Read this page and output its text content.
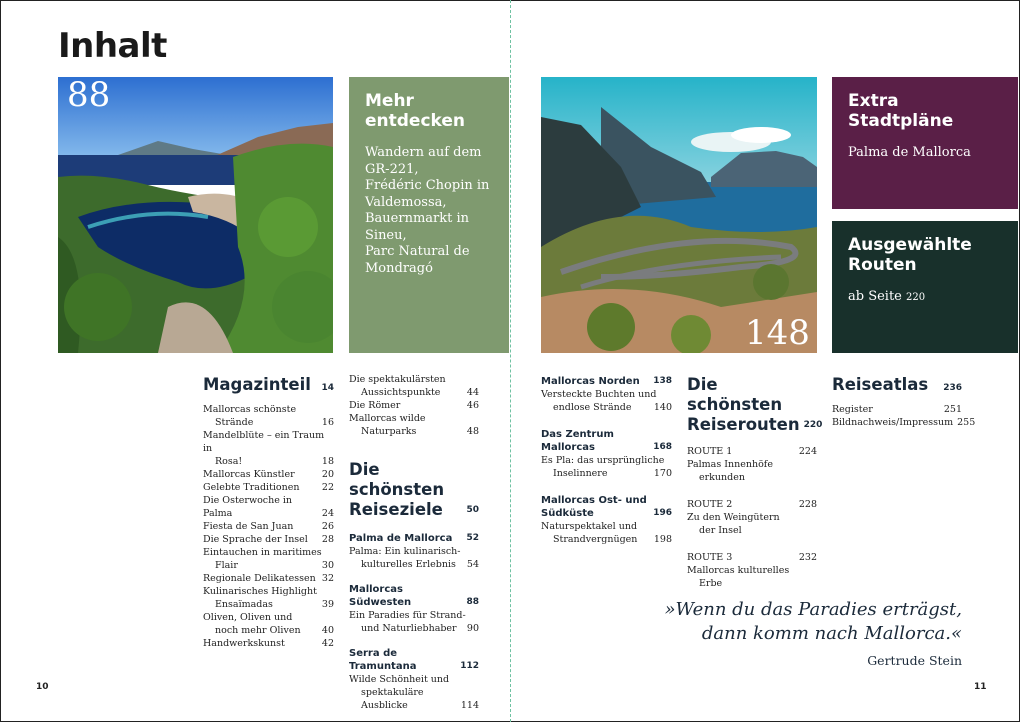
Inhalt
88	Mehr
entdecken

Wandern auf dem
GR-221,
Frédéric Chopin in
Valdemossa,
Bauernmarkt in
Sineu,
Parc Natural de
Mondragó

148
Extra
Stadtpläne

Palma de Mallorca

Ausgewählte
Routen

ab Seite 220

Magazinteil	14
Mallorcas schönste
Strände	16
Mandelblüte – ein Traum in
Rosa!	18
Mallorcas Künstler	20
Gelebte Traditionen	22
Die Osterwoche in Palma	24
Fiesta de San Juan	26
Die Sprache der Insel	28
Eintauchen in maritimes
Flair	30
Regionale Delikatessen 32
Kulinarisches Highlight
Ensaïmadas	39
Oliven, Oliven und
noch mehr Oliven	40
Handwerkskunst	42
Die spektakulärsten
Aussichtspunkte	44
Die Römer	46
Mallorcas wilde
Naturparks	48
Die schönsten
Reiseziele	50
Palma de Mallorca	52
Palma: Ein kulinarisch-
kulturelles Erlebnis	54
Mallorcas Südwesten	88
Ein Paradies für Strand-
und Naturliebhaber	90
Serra de Tramuntana	112
Wilde Schönheit und
spektakuläre Ausblicke	114
Mallorcas Norden	138
Versteckte Buchten und
endlose Strände	140
Das Zentrum
Mallorcas	168
Es Pla: das ursprüngliche
Inselinnere	170
Mallorcas Ost- und
Südküste	196
Naturspektakel und
Strandvergnügen	198
Die schönsten
Reiserouten 220
ROUTE 1	224
Palmas Innenhöfe
erkunden
ROUTE 2	228
Zu den Weingütern
der Insel
ROUTE 3	232
Mallorcas kulturelles
Erbe
Reiseatlas	236
Register	251
Bildnachweis/Impressum 255
»Wenn du das Paradies erträgst,
dann komm nach Mallorca.«
Gertrude Stein
10	11
